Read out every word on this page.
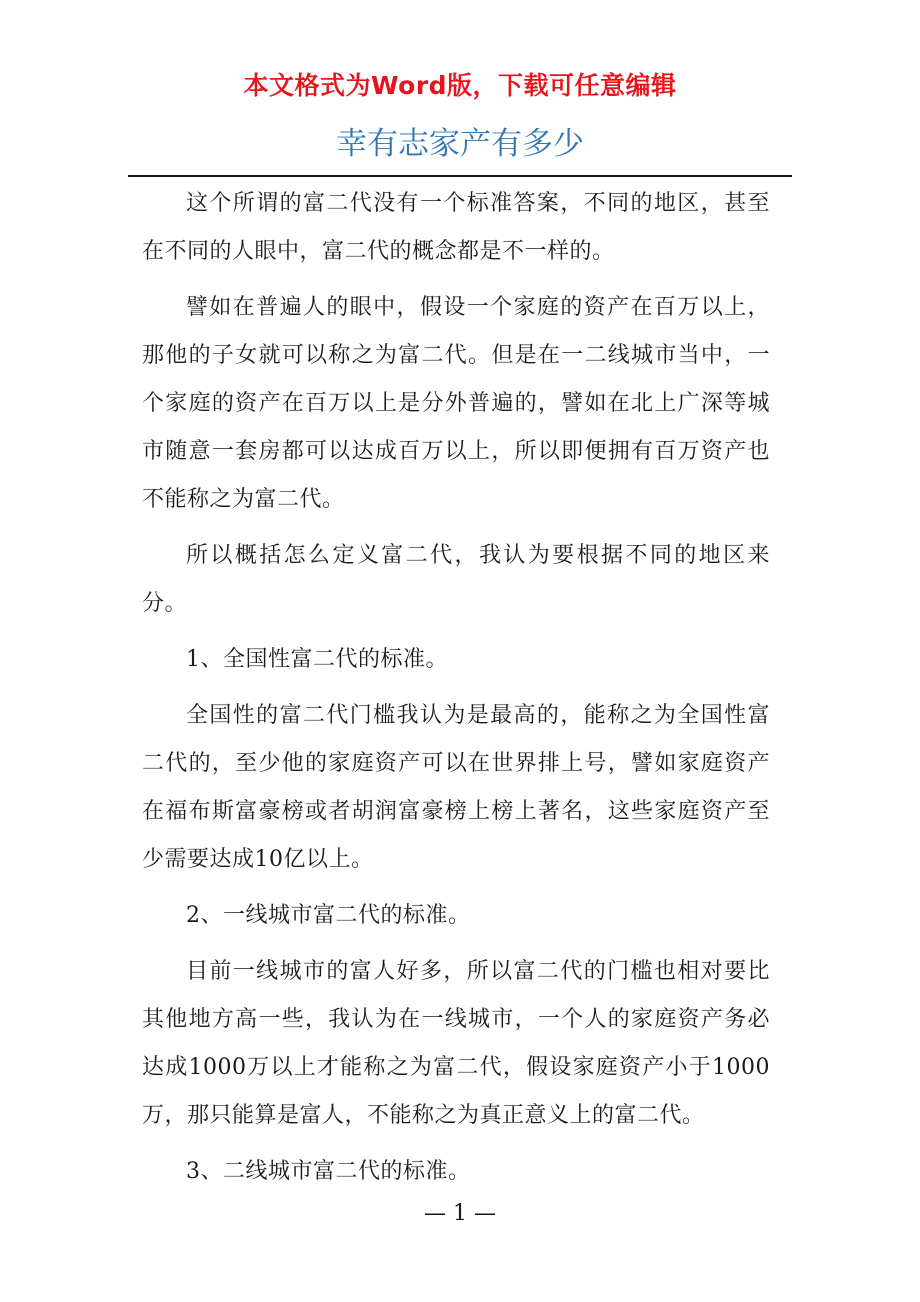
本文格式为Word版，下载可任意编辑
幸有志家产有多少

这个所谓的富二代没有一个标准答案，不同的地区，甚至在不同的人眼中，富二代的概念都是不一样的。

譬如在普遍人的眼中，假设一个家庭的资产在百万以上，那他的子女就可以称之为富二代。但是在一二线城市当中，一个家庭的资产在百万以上是分外普遍的，譬如在北上广深等城市随意一套房都可以达成百万以上，所以即便拥有百万资产也不能称之为富二代。

所以概括怎么定义富二代，我认为要根据不同的地区来分。

1、全国性富二代的标准。

全国性的富二代门槛我认为是最高的，能称之为全国性富二代的，至少他的家庭资产可以在世界排上号，譬如家庭资产在福布斯富豪榜或者胡润富豪榜上榜上著名，这些家庭资产至少需要达成10亿以上。

2、一线城市富二代的标准。

目前一线城市的富人好多，所以富二代的门槛也相对要比其他地方高一些，我认为在一线城市，一个人的家庭资产务必达成1000万以上才能称之为富二代，假设家庭资产小于1000万，那只能算是富人，不能称之为真正意义上的富二代。

3、二线城市富二代的标准。

— 1 —
